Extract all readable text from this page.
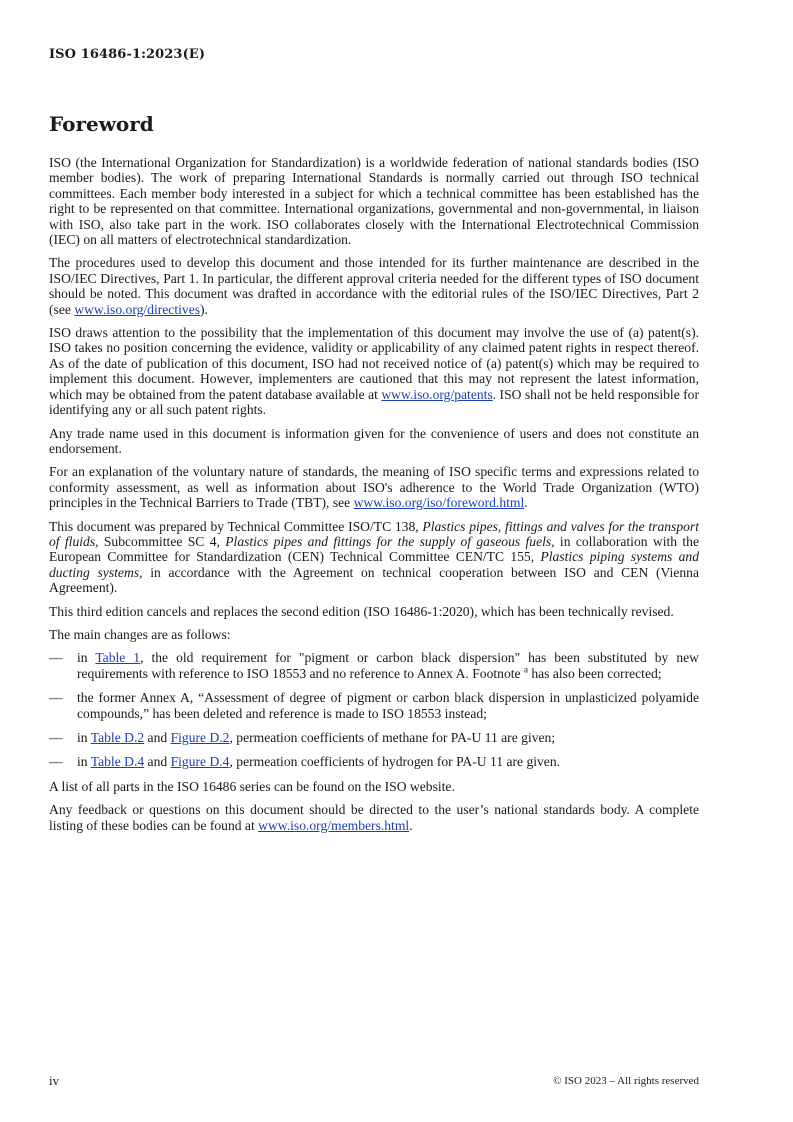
ISO 16486-1:2023(E)
Foreword

ISO (the International Organization for Standardization) is a worldwide federation of national standards bodies (ISO member bodies). The work of preparing International Standards is normally carried out through ISO technical committees. Each member body interested in a subject for which a technical committee has been established has the right to be represented on that committee. International organizations, governmental and non-governmental, in liaison with ISO, also take part in the work. ISO collaborates closely with the International Electrotechnical Commission (IEC) on all matters of electrotechnical standardization.

The procedures used to develop this document and those intended for its further maintenance are described in the ISO/IEC Directives, Part 1. In particular, the different approval criteria needed for the different types of ISO document should be noted. This document was drafted in accordance with the editorial rules of the ISO/IEC Directives, Part 2 (see www.iso.org/directives).

ISO draws attention to the possibility that the implementation of this document may involve the use of (a) patent(s). ISO takes no position concerning the evidence, validity or applicability of any claimed patent rights in respect thereof. As of the date of publication of this document, ISO had not received notice of (a) patent(s) which may be required to implement this document. However, implementers are cautioned that this may not represent the latest information, which may be obtained from the patent database available at www.iso.org/patents. ISO shall not be held responsible for identifying any or all such patent rights.

Any trade name used in this document is information given for the convenience of users and does not constitute an endorsement.

For an explanation of the voluntary nature of standards, the meaning of ISO specific terms and expressions related to conformity assessment, as well as information about ISO's adherence to the World Trade Organization (WTO) principles in the Technical Barriers to Trade (TBT), see www.iso.org/iso/foreword.html.

This document was prepared by Technical Committee ISO/TC 138, Plastics pipes, fittings and valves for the transport of fluids, Subcommittee SC 4, Plastics pipes and fittings for the supply of gaseous fuels, in collaboration with the European Committee for Standardization (CEN) Technical Committee CEN/TC 155, Plastics piping systems and ducting systems, in accordance with the Agreement on technical cooperation between ISO and CEN (Vienna Agreement).

This third edition cancels and replaces the second edition (ISO 16486-1:2020), which has been technically revised.

The main changes are as follows:

—	in Table 1, the old requirement for "pigment or carbon black dispersion" has been substituted by new requirements with reference to ISO 18553 and no reference to Annex A. Footnote $^a$ has also been corrected;
—	the former Annex A, “Assessment of degree of pigment or carbon black dispersion in unplasticized polyamide compounds,” has been deleted and reference is made to ISO 18553 instead;
—	in Table D.2 and Figure D.2, permeation coefficients of methane for PA-U 11 are given;
—	in Table D.4 and Figure D.4, permeation coefficients of hydrogen for PA-U 11 are given.

A list of all parts in the ISO 16486 series can be found on the ISO website.

Any feedback or questions on this document should be directed to the user’s national standards body. A complete listing of these bodies can be found at www.iso.org/members.html.

iv	© ISO 2023 – All rights reserved
